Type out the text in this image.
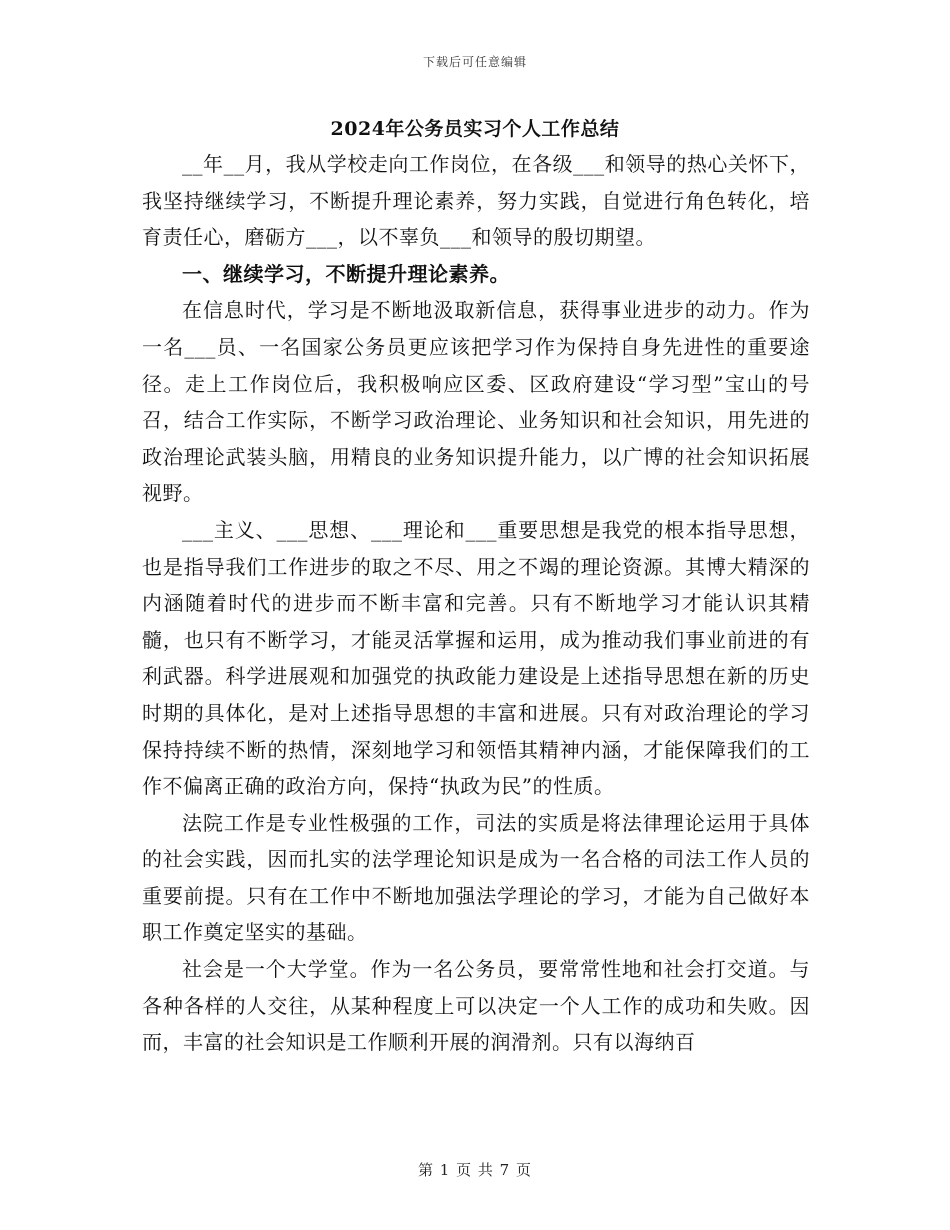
下载后可任意编辑
2024年公务员实习个人工作总结

__年__月，我从学校走向工作岗位，在各级___和领导的热心关怀下，我坚持继续学习，不断提升理论素养，努力实践，自觉进行角色转化，培育责任心，磨砺方___，以不辜负___和领导的殷切期望。

一、继续学习，不断提升理论素养。

在信息时代，学习是不断地汲取新信息，获得事业进步的动力。作为一名___员、一名国家公务员更应该把学习作为保持自身先进性的重要途径。走上工作岗位后，我积极响应区委、区政府建设“学习型”宝山的号召，结合工作实际，不断学习政治理论、业务知识和社会知识，用先进的政治理论武装头脑，用精良的业务知识提升能力，以广博的社会知识拓展视野。

___主义、___思想、___理论和___重要思想是我党的根本指导思想，也是指导我们工作进步的取之不尽、用之不竭的理论资源。其博大精深的内涵随着时代的进步而不断丰富和完善。只有不断地学习才能认识其精髓，也只有不断学习，才能灵活掌握和运用，成为推动我们事业前进的有利武器。科学进展观和加强党的执政能力建设是上述指导思想在新的历史时期的具体化，是对上述指导思想的丰富和进展。只有对政治理论的学习保持持续不断的热情，深刻地学习和领悟其精神内涵，才能保障我们的工作不偏离正确的政治方向，保持“执政为民”的性质。

法院工作是专业性极强的工作，司法的实质是将法律理论运用于具体的社会实践，因而扎实的法学理论知识是成为一名合格的司法工作人员的重要前提。只有在工作中不断地加强法学理论的学习，才能为自己做好本职工作奠定坚实的基础。

社会是一个大学堂。作为一名公务员，要常常性地和社会打交道。与各种各样的人交往，从某种程度上可以决定一个人工作的成功和失败。因而，丰富的社会知识是工作顺利开展的润滑剂。只有以海纳百

第 1 页 共 7 页
